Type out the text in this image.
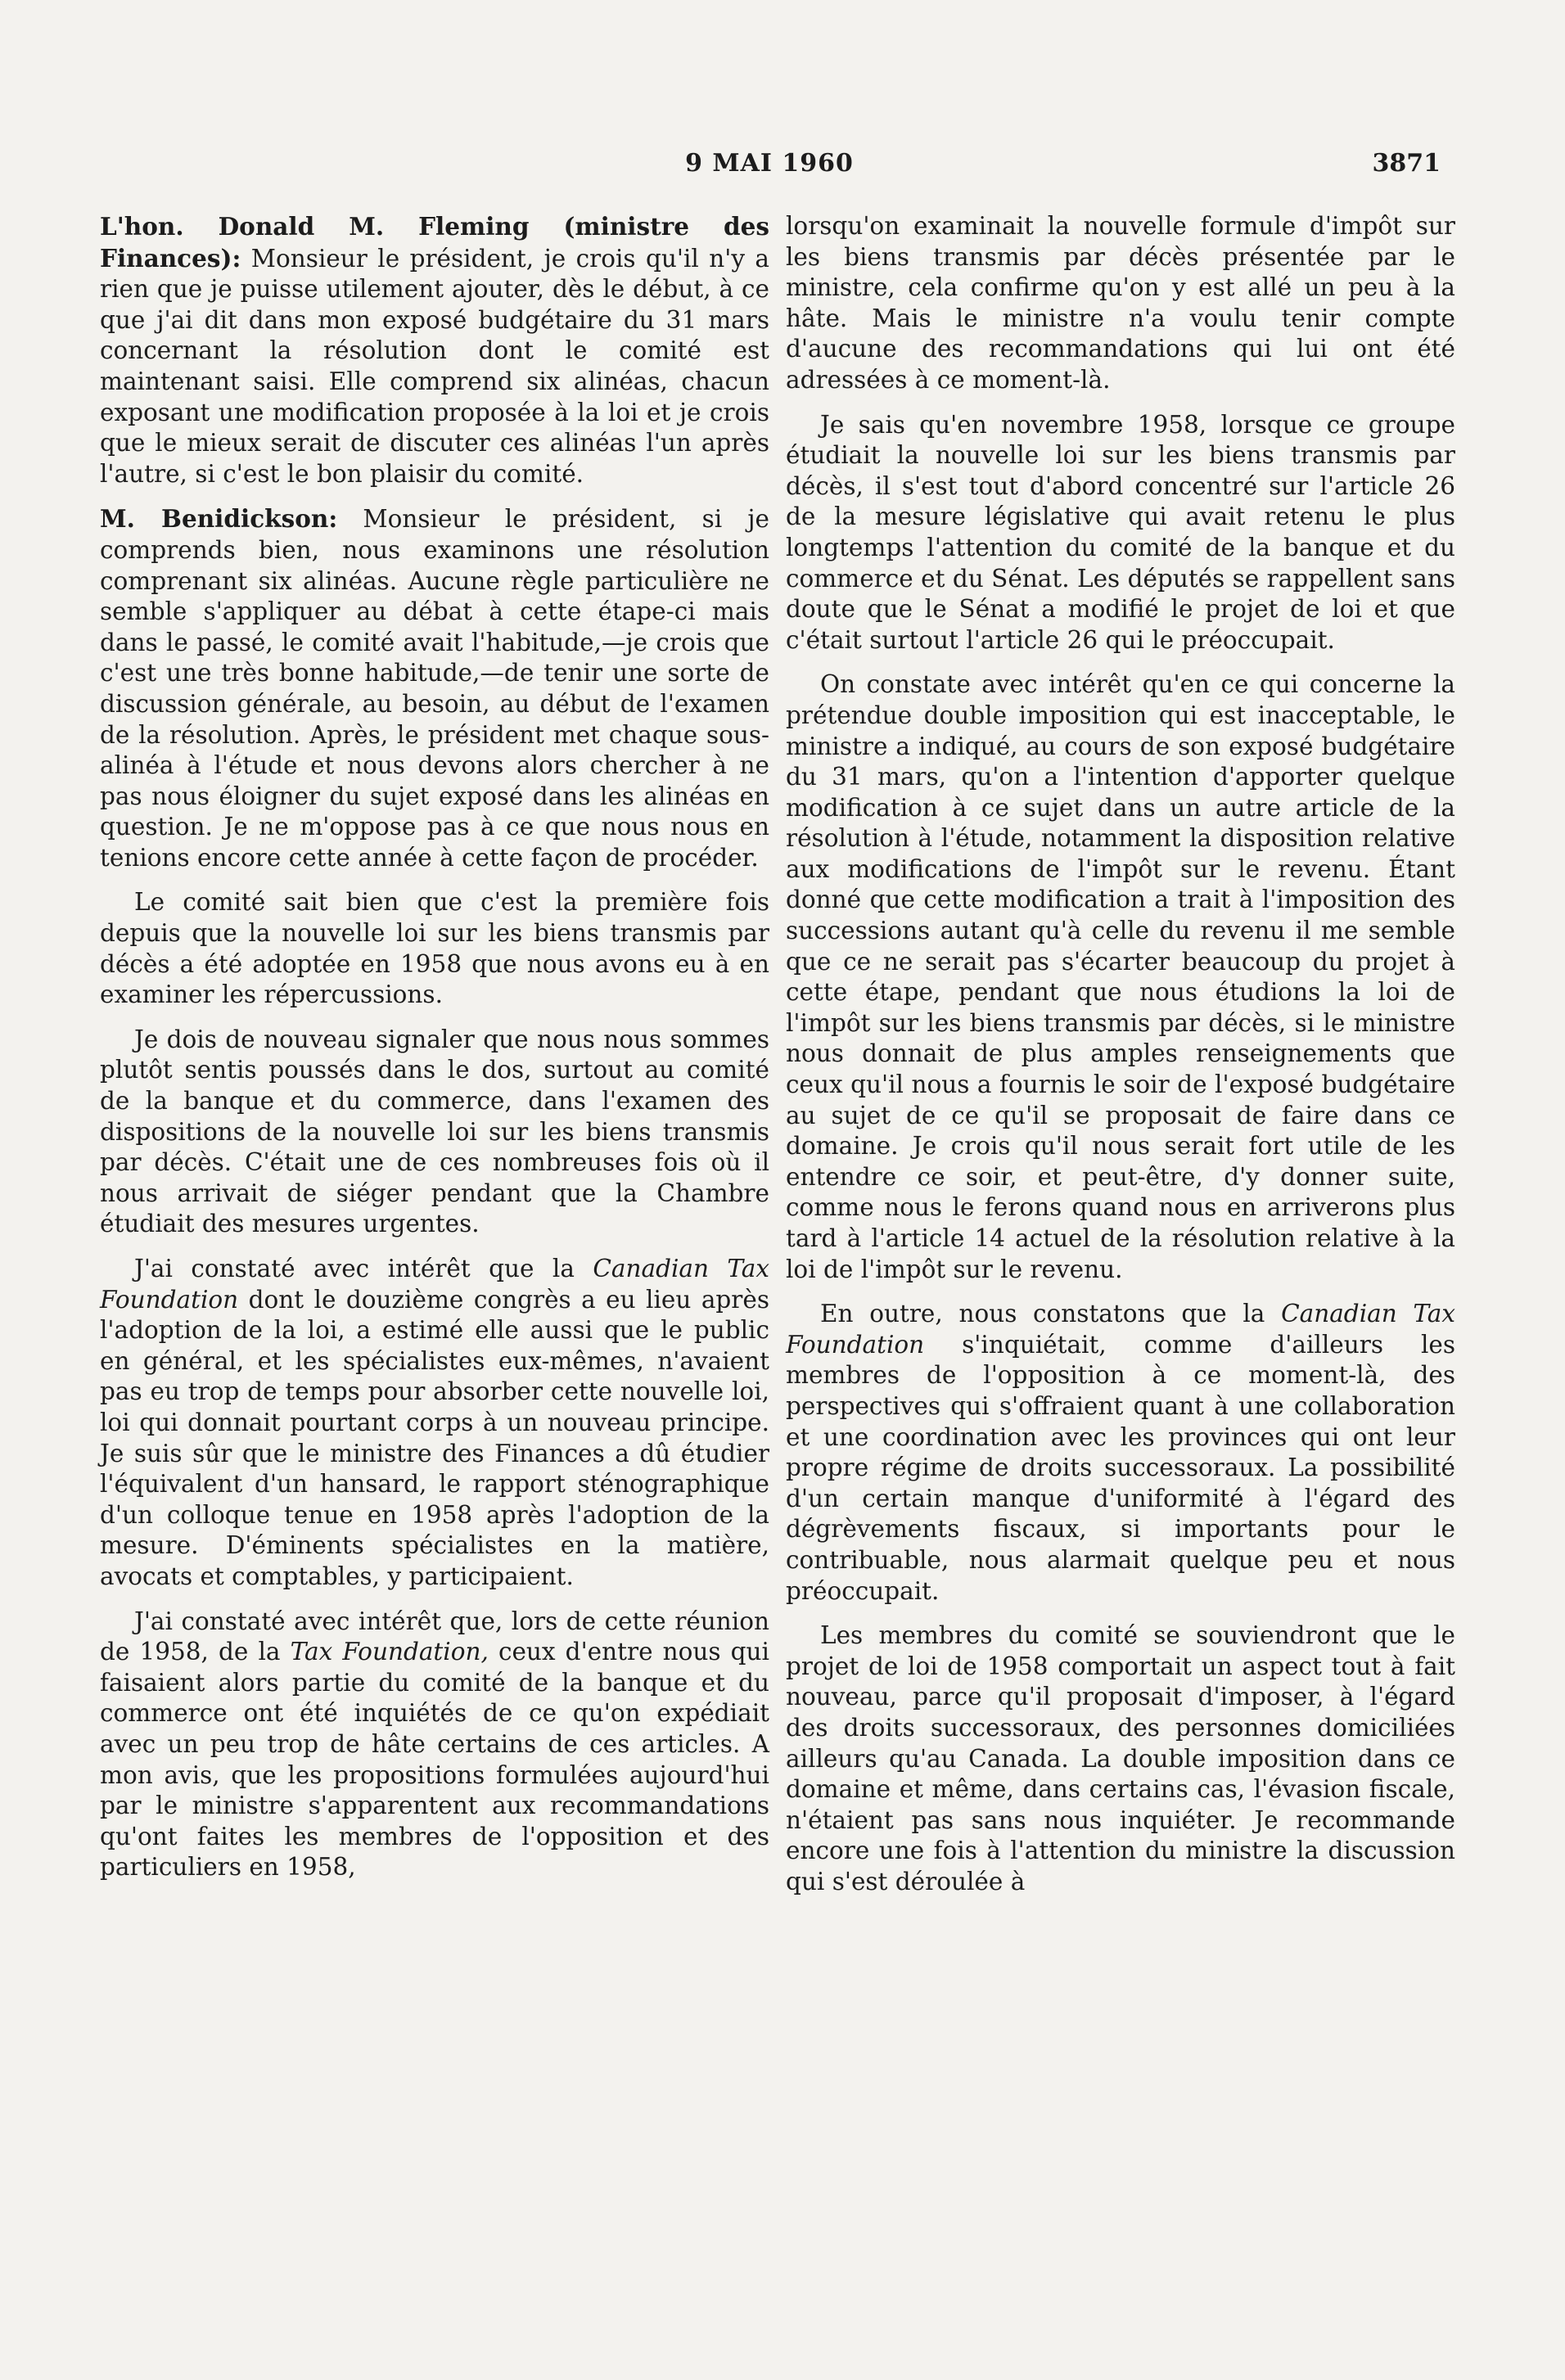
9 MAI 1960	3871

L'hon. Donald M. Fleming (ministre des Finances): Monsieur le président, je crois qu'il n'y a rien que je puisse utilement ajouter, dès le début, à ce que j'ai dit dans mon exposé budgétaire du 31 mars concernant la résolution dont le comité est maintenant saisi. Elle comprend six alinéas, chacun exposant une modification proposée à la loi et je crois que le mieux serait de discuter ces alinéas l'un après l'autre, si c'est le bon plaisir du comité.

M. Benidickson: Monsieur le président, si je comprends bien, nous examinons une résolution comprenant six alinéas. Aucune règle particulière ne semble s'appliquer au débat à cette étape-ci mais dans le passé, le comité avait l'habitude,—je crois que c'est une très bonne habitude,—de tenir une sorte de discussion générale, au besoin, au début de l'examen de la résolution. Après, le président met chaque sous-alinéa à l'étude et nous devons alors chercher à ne pas nous éloigner du sujet exposé dans les alinéas en question. Je ne m'oppose pas à ce que nous nous en tenions encore cette année à cette façon de procéder.

Le comité sait bien que c'est la première fois depuis que la nouvelle loi sur les biens transmis par décès a été adoptée en 1958 que nous avons eu à en examiner les répercussions.

Je dois de nouveau signaler que nous nous sommes plutôt sentis poussés dans le dos, surtout au comité de la banque et du commerce, dans l'examen des dispositions de la nouvelle loi sur les biens transmis par décès. C'était une de ces nombreuses fois où il nous arrivait de siéger pendant que la Chambre étudiait des mesures urgentes.

J'ai constaté avec intérêt que la Canadian Tax Foundation dont le douzième congrès a eu lieu après l'adoption de la loi, a estimé elle aussi que le public en général, et les spécialistes eux-mêmes, n'avaient pas eu trop de temps pour absorber cette nouvelle loi, loi qui donnait pourtant corps à un nouveau principe. Je suis sûr que le ministre des Finances a dû étudier l'équivalent d'un hansard, le rapport sténographique d'un colloque tenue en 1958 après l'adoption de la mesure. D'éminents spécialistes en la matière, avocats et comptables, y participaient.

J'ai constaté avec intérêt que, lors de cette réunion de 1958, de la Tax Foundation, ceux d'entre nous qui faisaient alors partie du comité de la banque et du commerce ont été inquiétés de ce qu'on expédiait avec un peu trop de hâte certains de ces articles. A mon avis, que les propositions formulées aujourd'hui par le ministre s'apparentent aux recommandations qu'ont faites les membres de l'opposition et des particuliers en 1958,

lorsqu'on examinait la nouvelle formule d'impôt sur les biens transmis par décès présentée par le ministre, cela confirme qu'on y est allé un peu à la hâte. Mais le ministre n'a voulu tenir compte d'aucune des recommandations qui lui ont été adressées à ce moment-là.

Je sais qu'en novembre 1958, lorsque ce groupe étudiait la nouvelle loi sur les biens transmis par décès, il s'est tout d'abord concentré sur l'article 26 de la mesure législative qui avait retenu le plus longtemps l'attention du comité de la banque et du commerce et du Sénat. Les députés se rappellent sans doute que le Sénat a modifié le projet de loi et que c'était surtout l'article 26 qui le préoccupait.

On constate avec intérêt qu'en ce qui concerne la prétendue double imposition qui est inacceptable, le ministre a indiqué, au cours de son exposé budgétaire du 31 mars, qu'on a l'intention d'apporter quelque modification à ce sujet dans un autre article de la résolution à l'étude, notamment la disposition relative aux modifications de l'impôt sur le revenu. Étant donné que cette modification a trait à l'imposition des successions autant qu'à celle du revenu il me semble que ce ne serait pas s'écarter beaucoup du projet à cette étape, pendant que nous étudions la loi de l'impôt sur les biens transmis par décès, si le ministre nous donnait de plus amples renseignements que ceux qu'il nous a fournis le soir de l'exposé budgétaire au sujet de ce qu'il se proposait de faire dans ce domaine. Je crois qu'il nous serait fort utile de les entendre ce soir, et peut-être, d'y donner suite, comme nous le ferons quand nous en arriverons plus tard à l'article 14 actuel de la résolution relative à la loi de l'impôt sur le revenu.

En outre, nous constatons que la Canadian Tax Foundation s'inquiétait, comme d'ailleurs les membres de l'opposition à ce moment-là, des perspectives qui s'offraient quant à une collaboration et une coordination avec les provinces qui ont leur propre régime de droits successoraux. La possibilité d'un certain manque d'uniformité à l'égard des dégrèvements fiscaux, si importants pour le contribuable, nous alarmait quelque peu et nous préoccupait.

Les membres du comité se souviendront que le projet de loi de 1958 comportait un aspect tout à fait nouveau, parce qu'il proposait d'imposer, à l'égard des droits successoraux, des personnes domiciliées ailleurs qu'au Canada. La double imposition dans ce domaine et même, dans certains cas, l'évasion fiscale, n'étaient pas sans nous inquiéter. Je recommande encore une fois à l'attention du ministre la discussion qui s'est déroulée à
